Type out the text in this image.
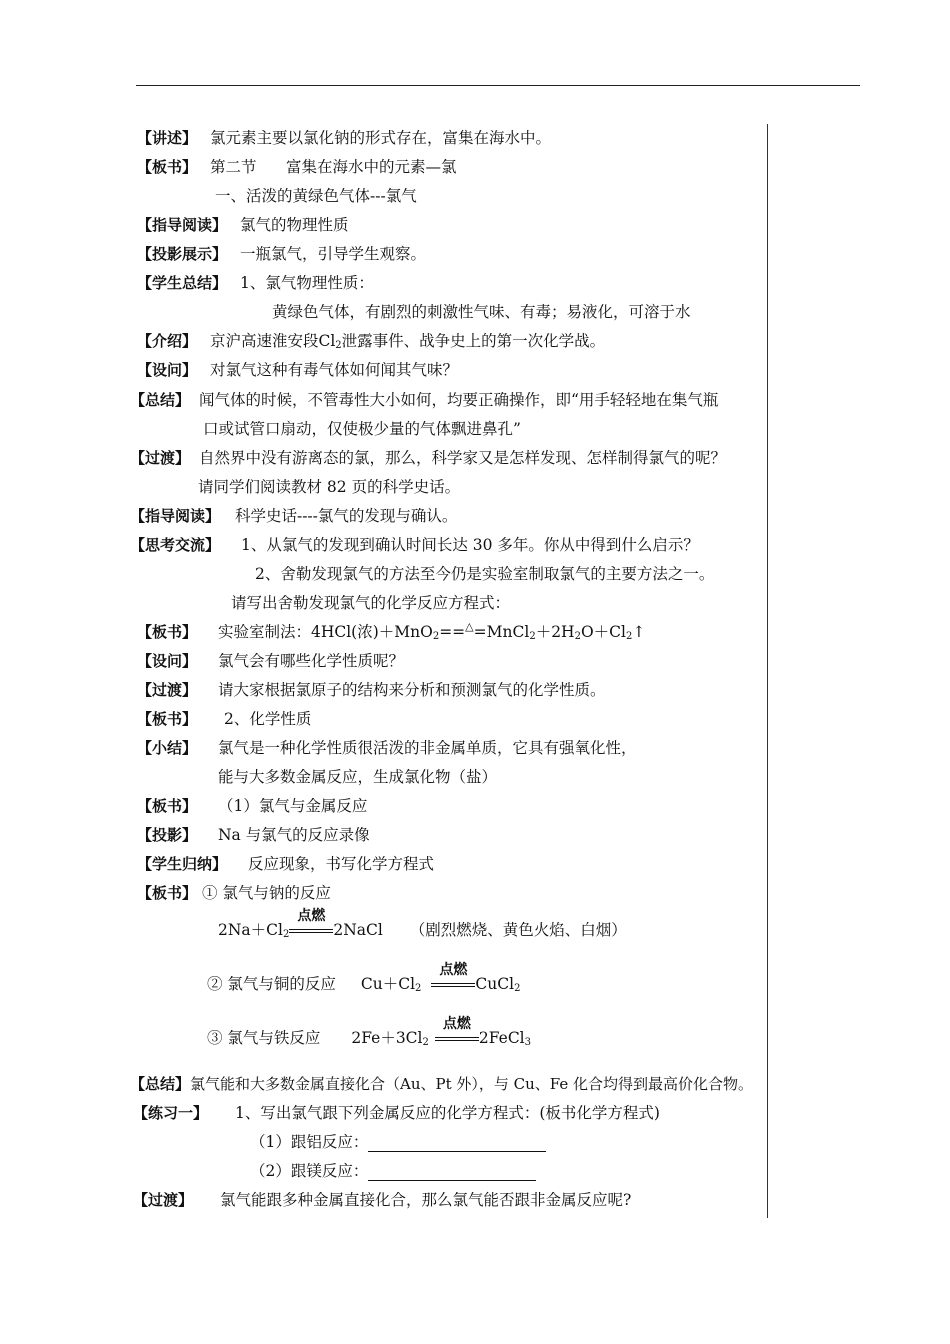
【讲述】 氯元素主要以氯化钠的形式存在，富集在海水中。
【板书】 第二节      富集在海水中的元素—氯
一、活泼的黄绿色气体---氯气
【指导阅读】 氯气的物理性质
【投影展示】 一瓶氯气，引导学生观察。
【学生总结】 1、氯气物理性质：
黄绿色气体，有剧烈的刺激性气味、有毒；易液化，可溶于水
【介绍】 京沪高速淮安段$Cl_2$泄露事件、战争史上的第一次化学战。
【设问】 对氯气这种有毒气体如何闻其气味？
【总结】 闻气体的时候，不管毒性大小如何，均要正确操作，即“用手轻轻地在集气瓶
口或试管口扇动，仅使极少量的气体飘进鼻孔”
【过渡】 自然界中没有游离态的氯，那么，科学家又是怎样发现、怎样制得氯气的呢？
请同学们阅读教材 82 页的科学史话。
【指导阅读】 科学史话----氯气的发现与确认。
【思考交流】 1、从氯气的发现到确认时间长达 30 多年。你从中得到什么启示？
2、舍勒发现氯气的方法至今仍是实验室制取氯气的主要方法之一。
请写出舍勒发现氯气的化学反应方程式：
【板书】 实验室制法：4HCl(浓)$+MnO_2==^\triangle=MnCl_2+2H_2O+Cl_2↑$
【设问】 氯气会有哪些化学性质呢？
【过渡】 请大家根据氯原子的结构来分析和预测氯气的化学性质。
【板书】 2、化学性质
【小结】 氯气是一种化学性质很活泼的非金属单质，它具有强氧化性，
能与大多数金属反应，生成氯化物（盐）
【板书】 （1）氯气与金属反应
【投影】 Na 与氯气的反应录像
【学生归纳】 反应现象，书写化学方程式
【板书】 ① 氯气与钠的反应
$2Na+Cl_2$
点燃
2NaCl （剧烈燃烧、黄色火焰、白烟）
② 氯气与铜的反应 $Cu+Cl_2$
点燃
CuCl$_2$
③ 氯气与铁反应 $2Fe+3Cl_2$
点燃
2FeCl$_3$
【总结】氯气能和大多数金属直接化合（Au、Pt 外），与 Cu、Fe 化合均得到最高价化合物。
【练习一】 1、写出氯气跟下列金属反应的化学方程式：(板书化学方程式)
（1）跟铝反应：
（2）跟镁反应：
【过渡】 氯气能跟多种金属直接化合，那么氯气能否跟非金属反应呢?
